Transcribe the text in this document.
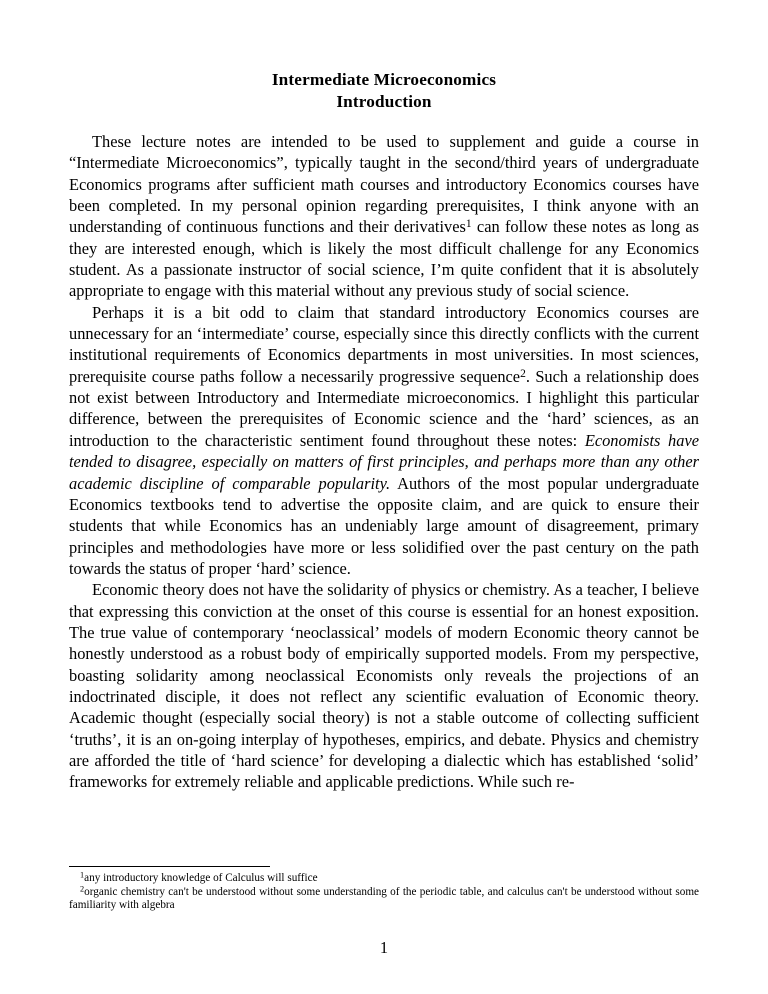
Intermediate Microeconomics
Introduction

These lecture notes are intended to be used to supplement and guide a course in “Intermediate Microeconomics”, typically taught in the second/third years of undergraduate Economics programs after sufficient math courses and introductory Economics courses have been completed. In my personal opinion regarding prerequisites, I think anyone with an understanding of continuous functions and their derivatives$^1$ can follow these notes as long as they are interested enough, which is likely the most difficult challenge for any Economics student. As a passionate instructor of social science, I’m quite confident that it is absolutely appropriate to engage with this material without any previous study of social science.

Perhaps it is a bit odd to claim that standard introductory Economics courses are unnecessary for an ‘intermediate’ course, especially since this directly conflicts with the current institutional requirements of Economics departments in most universities. In most sciences, prerequisite course paths follow a necessarily progressive sequence$^2$. Such a relationship does not exist between Introductory and Intermediate microeconomics. I highlight this particular difference, between the prerequisites of Economic science and the ‘hard’ sciences, as an introduction to the characteristic sentiment found throughout these notes: Economists have tended to disagree, especially on matters of first principles, and perhaps more than any other academic discipline of comparable popularity. Authors of the most popular undergraduate Economics textbooks tend to advertise the opposite claim, and are quick to ensure their students that while Economics has an undeniably large amount of disagreement, primary principles and methodologies have more or less solidified over the past century on the path towards the status of proper ‘hard’ science.

Economic theory does not have the solidarity of physics or chemistry. As a teacher, I believe that expressing this conviction at the onset of this course is essential for an honest exposition. The true value of contemporary ‘neoclassical’ models of modern Economic theory cannot be honestly understood as a robust body of empirically supported models. From my perspective, boasting solidarity among neoclassical Economists only reveals the projections of an indoctrinated disciple, it does not reflect any scientific evaluation of Economic theory. Academic thought (especially social theory) is not a stable outcome of collecting sufficient ‘truths’, it is an on-going interplay of hypotheses, empirics, and debate. Physics and chemistry are afforded the title of ‘hard science’ for developing a dialectic which has established ‘solid’ frameworks for extremely reliable and applicable predictions. While such re-

$^1$any introductory knowledge of Calculus will suffice

$^2$organic chemistry can't be understood without some understanding of the periodic table, and calculus can't be understood without some familiarity with algebra

1
